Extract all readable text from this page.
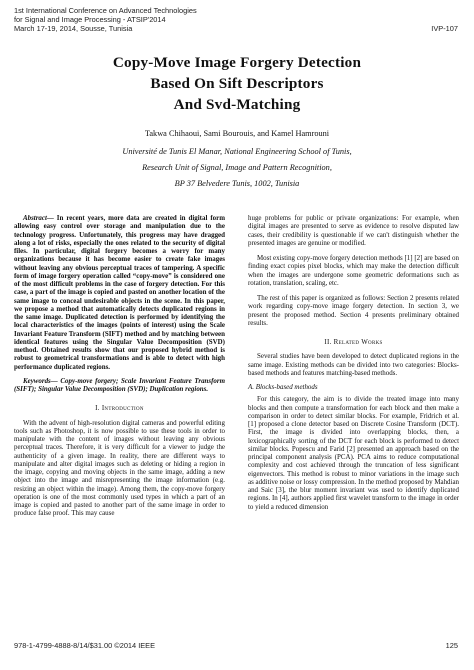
1st International Conference on Advanced Technologies
for Signal and Image Processing - ATSIP'2014
March 17-19, 2014, Sousse, Tunisia	IVP-107
Copy-Move Image Forgery Detection
Based On Sift Descriptors
And Svd-Matching
Takwa Chihaoui, Sami Bourouis, and Kamel Hamrouni
Université de Tunis El Manar, National Engineering School of Tunis,
Research Unit of Signal, Image and Pattern Recognition,
BP 37 Belvedere Tunis, 1002, Tunisia

Abstract— In recent years, more data are created in digital form allowing easy control over storage and manipulation due to the technology progress. Unfortunately, this progress may have dragged along a lot of risks, especially the ones related to the security of digital files. In particular, digital forgery becomes a worry for many organizations because it has become easier to create fake images without leaving any obvious perceptual traces of tampering. A specific form of image forgery operation called “copy-move” is considered one of the most difficult problems in the case of forgery detection. For this case, a part of the image is copied and pasted on another location of the same image to conceal undesirable objects in the scene. In this paper, we propose a method that automatically detects duplicated regions in the same image. Duplicated detection is performed by identifying the local characteristics of the images (points of interest) using the Scale Invariant Feature Transform (SIFT) method and by matching between identical features using the Singular Value Decomposition (SVD) method. Obtained results show that our proposed hybrid method is robust to geometrical transformations and is able to detect with high performance duplicated regions.

Keywords— Copy-move forgery; Scale Invariant Feature Transform (SIFT); Singular Value Decomposition (SVD); Duplication regions.

I. Introduction

With the advent of high-resolution digital cameras and powerful editing tools such as Photoshop, it is now possible to use these tools in order to manipulate with the content of images without leaving any obvious perceptual traces. Therefore, it is very difficult for a viewer to judge the authenticity of a given image. In reality, there are different ways to manipulate and alter digital images such as deleting or hiding a region in the image, copying and moving objects in the same image, adding a new object into the image and misrepresenting the image information (e.g. resizing an object within the image). Among them, the copy-move forgery operation is one of the most commonly used types in which a part of an image is copied and pasted to another part of the same image in order to produce false proof. This may cause

huge problems for public or private organizations: For example, when digital images are presented to serve as evidence to resolve disputed law cases, their credibility is questionable if we can't distinguish whether the presented images are genuine or modified.

Most existing copy-move forgery detection methods [1] [2] are based on finding exact copies pixel blocks, which may make the detection difficult when the images are undergone some geometric deformations such as rotation, translation, scaling, etc.

The rest of this paper is organized as follows: Section 2 presents related work regarding copy-move image forgery detection. In section 3, we present the proposed method. Section 4 presents preliminary obtained results.

II. Related Works

Several studies have been developed to detect duplicated regions in the same image. Existing methods can be divided into two categories: Blocks-based methods and features matching-based methods.

A. Blocks-based methods

For this category, the aim is to divide the treated image into many blocks and then compute a transformation for each block and then make a comparison in order to detect similar blocks. For example, Fridrich et al. [1] proposed a clone detector based on Discrete Cosine Transform (DCT). First, the image is divided into overlapping blocks, then, a lexicographically sorting of the DCT for each block is performed to detect similar blocks. Popescu and Farid [2] presented an approach based on the principal component analysis (PCA). PCA aims to reduce computational complexity and cost achieved through the truncation of less significant eigenvectors. This method is robust to minor variations in the image such as additive noise or lossy compression. In the method proposed by Mahdian and Saic [3], the blur moment invariant was used to identify duplicated regions. In [4], authors applied first wavelet transform to the image in order to yield a reduced dimension

978-1-4799-4888-8/14/$31.00 ©2014 IEEE	125
